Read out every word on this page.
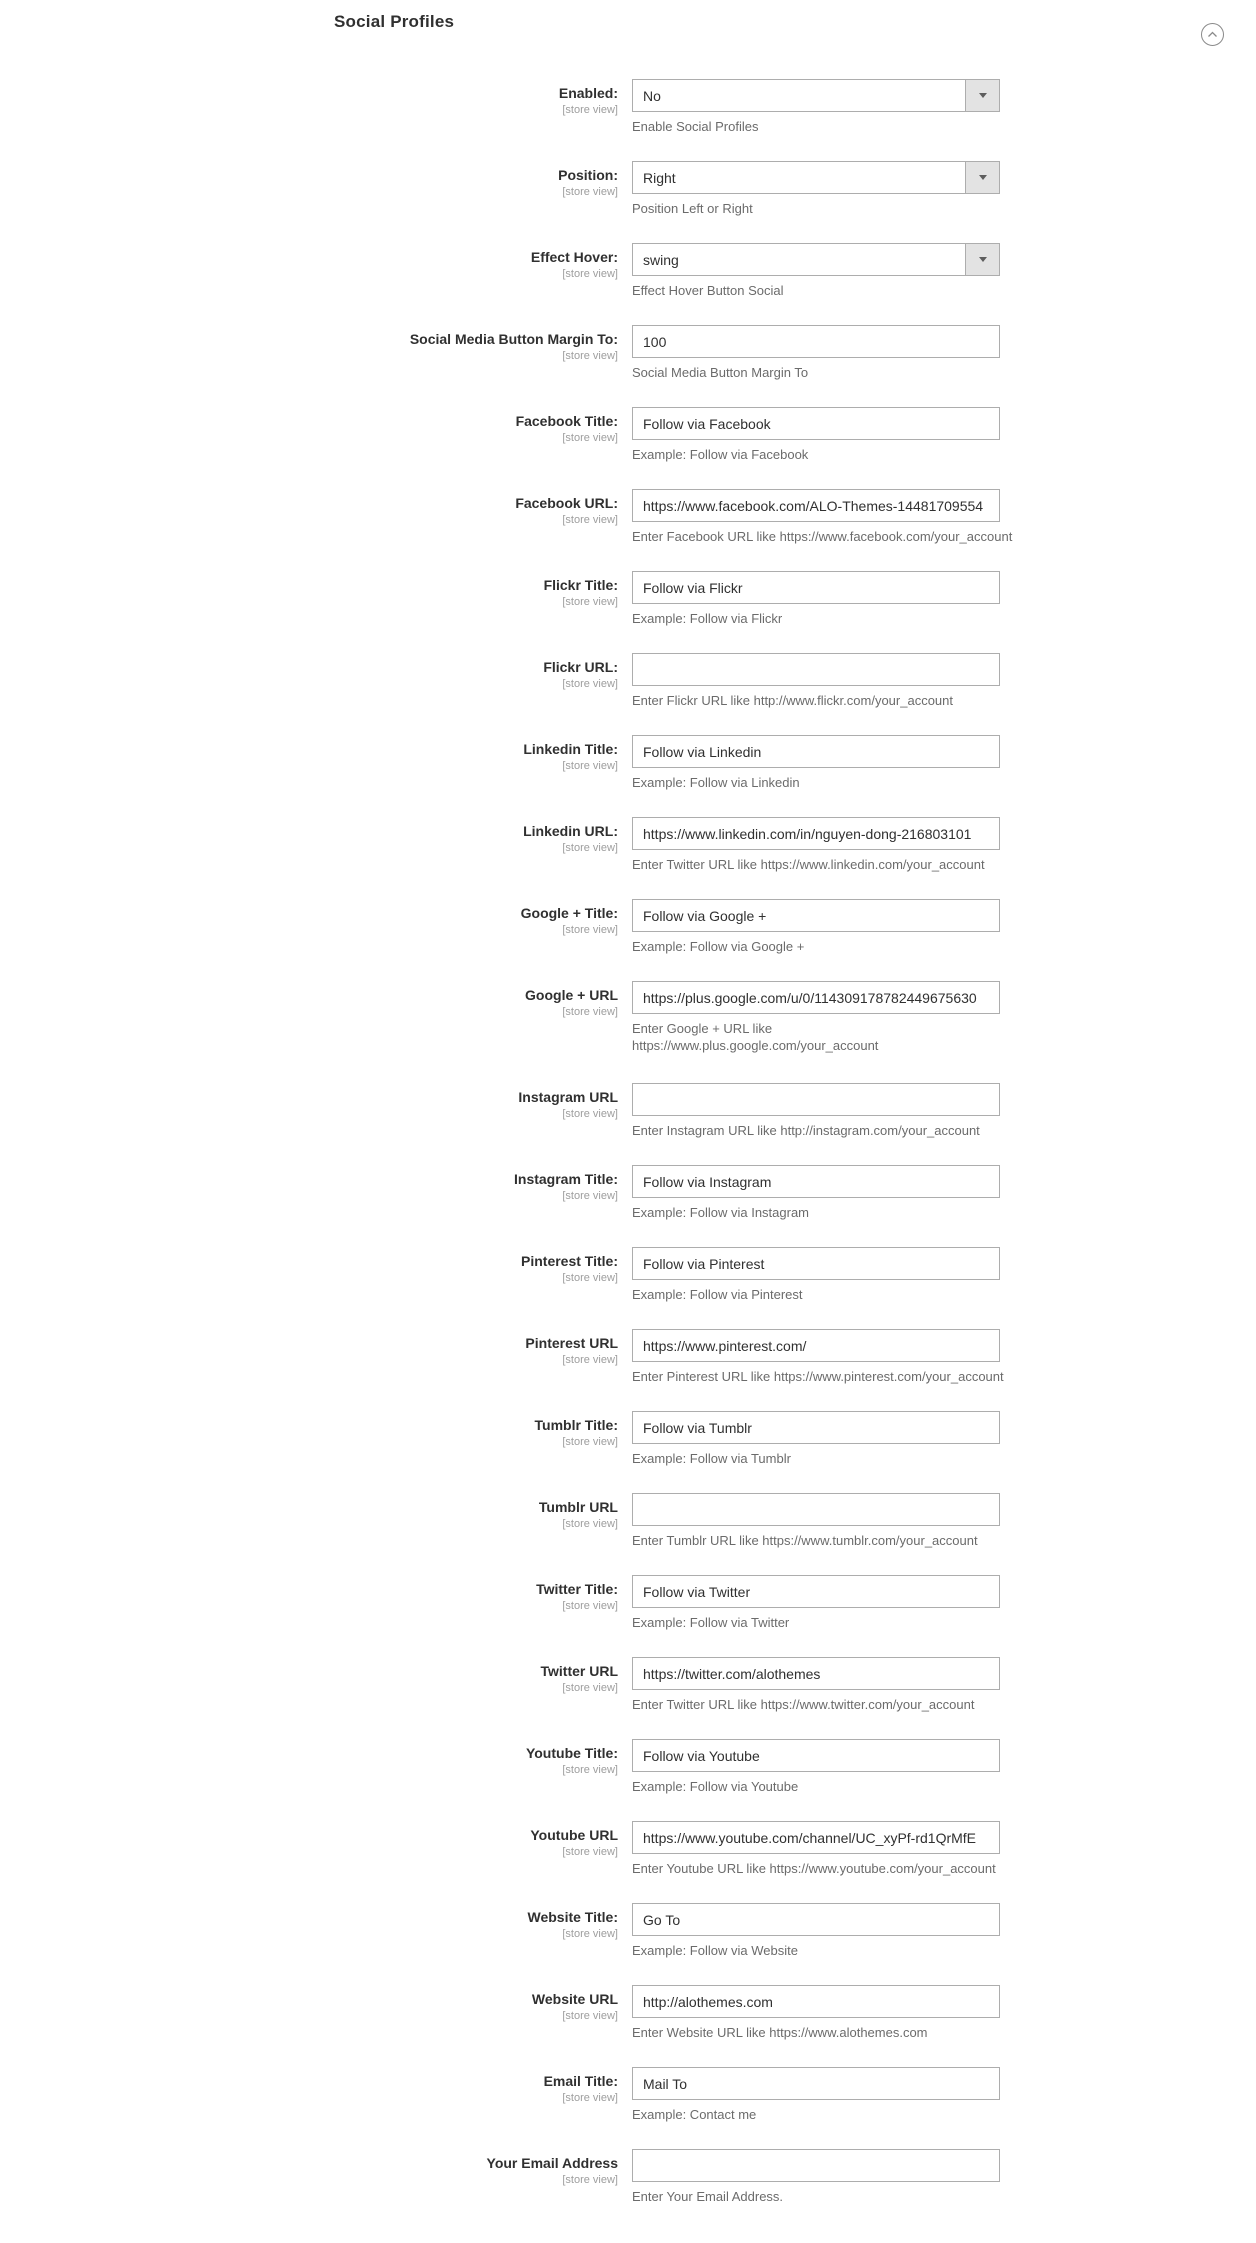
Social Profiles
Enabled:
[store view]
No
Enable Social Profiles
Position:
[store view]
Right
Position Left or Right
Effect Hover:
[store view]
swing
Effect Hover Button Social
Social Media Button Margin To:
[store view]
100
Social Media Button Margin To
Facebook Title:
[store view]
Follow via Facebook
Example: Follow via Facebook
Facebook URL:
[store view]
https://www.facebook.com/ALO-Themes-14481709554
Enter Facebook URL like https://www.facebook.com/your_account
Flickr Title:
[store view]
Follow via Flickr
Example: Follow via Flickr
Flickr URL:
[store view]
Enter Flickr URL like http://www.flickr.com/your_account
Linkedin Title:
[store view]
Follow via Linkedin
Example: Follow via Linkedin
Linkedin URL:
[store view]
https://www.linkedin.com/in/nguyen-dong-216803101
Enter Twitter URL like https://www.linkedin.com/your_account
Google + Title:
[store view]
Follow via Google +
Example: Follow via Google +
Google + URL
[store view]
https://plus.google.com/u/0/114309178782449675630
Enter Google + URL like https://www.plus.google.com/your_account
Instagram URL
[store view]
Enter Instagram URL like http://instagram.com/your_account
Instagram Title:
[store view]
Follow via Instagram
Example: Follow via Instagram
Pinterest Title:
[store view]
Follow via Pinterest
Example: Follow via Pinterest
Pinterest URL
[store view]
https://www.pinterest.com/
Enter Pinterest URL like https://www.pinterest.com/your_account
Tumblr Title:
[store view]
Follow via Tumblr
Example: Follow via Tumblr
Tumblr URL
[store view]
Enter Tumblr URL like https://www.tumblr.com/your_account
Twitter Title:
[store view]
Follow via Twitter
Example: Follow via Twitter
Twitter URL
[store view]
https://twitter.com/alothemes
Enter Twitter URL like https://www.twitter.com/your_account
Youtube Title:
[store view]
Follow via Youtube
Example: Follow via Youtube
Youtube URL
[store view]
https://www.youtube.com/channel/UC_xyPf-rd1QrMfE
Enter Youtube URL like https://www.youtube.com/your_account
Website Title:
[store view]
Go To
Example: Follow via Website
Website URL
[store view]
http://alothemes.com
Enter Website URL like https://www.alothemes.com
Email Title:
[store view]
Mail To
Example: Contact me
Your Email Address
[store view]
Enter Your Email Address.
